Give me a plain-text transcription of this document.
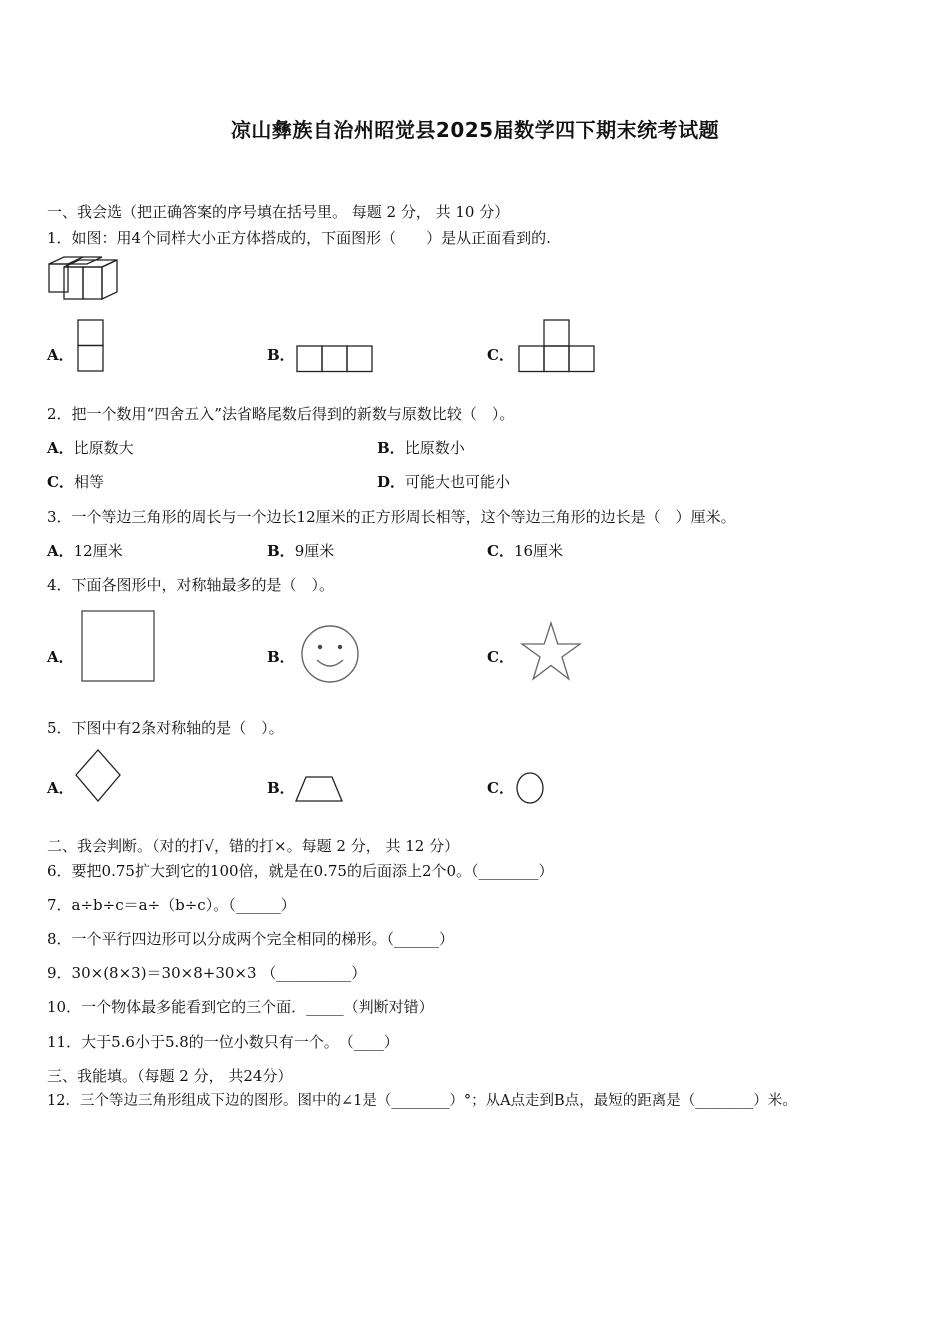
凉山彝族自治州昭觉县2025届数学四下期末统考试题
一、我会选（把正确答案的序号填在括号里。 每题 2 分， 共 10 分）
1．如图：用4个同样大小正方体搭成的，下面图形（　　）是从正面看到的.
A．	B．	C．
2．把一个数用“四舍五入”法省略尾数后得到的新数与原数比较（　）。
A．比原数大	B．比原数小
C．相等	D．可能大也可能小
3．一个等边三角形的周长与一个边长12厘米的正方形周长相等，这个等边三角形的边长是（　）厘米。
A．12厘米	B．9厘米	C．16厘米
4．下面各图形中，对称轴最多的是（　）。
A．	B．	C．
5．下图中有2条对称轴的是（　）。
A．	B．	C．
二、我会判断。（对的打√，错的打×。每题 2 分， 共 12 分）
6．要把0.75扩大到它的100倍，就是在0.75的后面添上2个0。（________）
7．a÷b÷c＝a÷（b÷c）。（______）
8．一个平行四边形可以分成两个完全相同的梯形。（______）
9．30×(8×3)＝30×8+30×3 （__________）
10．一个物体最多能看到它的三个面．_____（判断对错）
11．大于5.6小于5.8的一位小数只有一个。　（____）
三、我能填。（每题 2 分， 共24分）
12．三个等边三角形组成下边的图形。图中的∠1是（________）°；从A点走到B点，最短的距离是（________）米。
